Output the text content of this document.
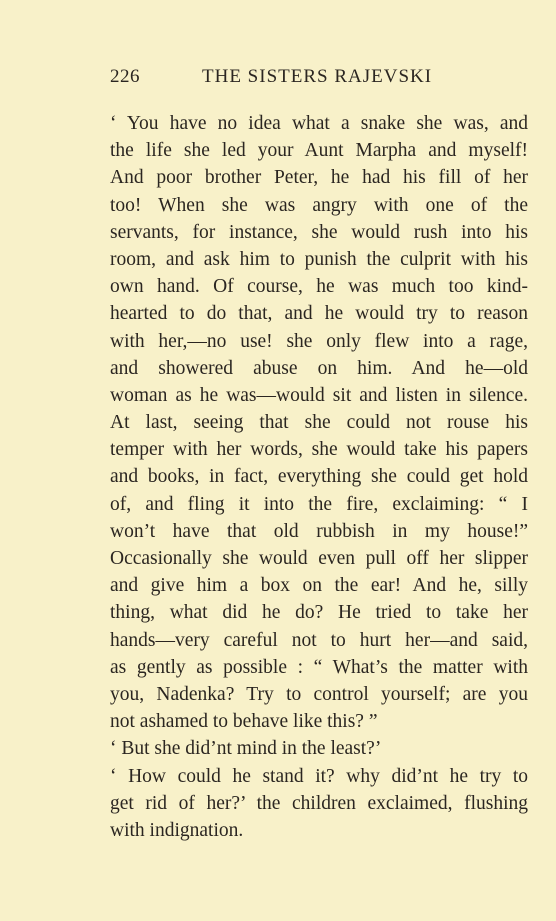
226	THE SISTERS RAJEVSKI
‘ You have no idea what a snake she was, and
the life she led your Aunt Marpha and myself!
And poor brother Peter, he had his fill of her
too! When she was angry with one of the
servants, for instance, she would rush into his
room, and ask him to punish the culprit with his
own hand. Of course, he was much too kind-
hearted to do that, and he would try to reason
with her,—no use! she only flew into a rage,
and showered abuse on him. And he—old
woman as he was—would sit and listen in silence.
At last, seeing that she could not rouse his
temper with her words, she would take his papers
and books, in fact, everything she could get hold
of, and fling it into the fire, exclaiming: “ I
won’t have that old rubbish in my house!”
Occasionally she would even pull off her slipper
and give him a box on the ear! And he, silly
thing, what did he do? He tried to take her
hands—very careful not to hurt her—and said,
as gently as possible : “ What’s the matter with
you, Nadenka? Try to control yourself; are you
not ashamed to behave like this? ”
‘ But she did’nt mind in the least?’
‘ How could he stand it? why did’nt he try to
get rid of her?’ the children exclaimed, flushing
with indignation.
